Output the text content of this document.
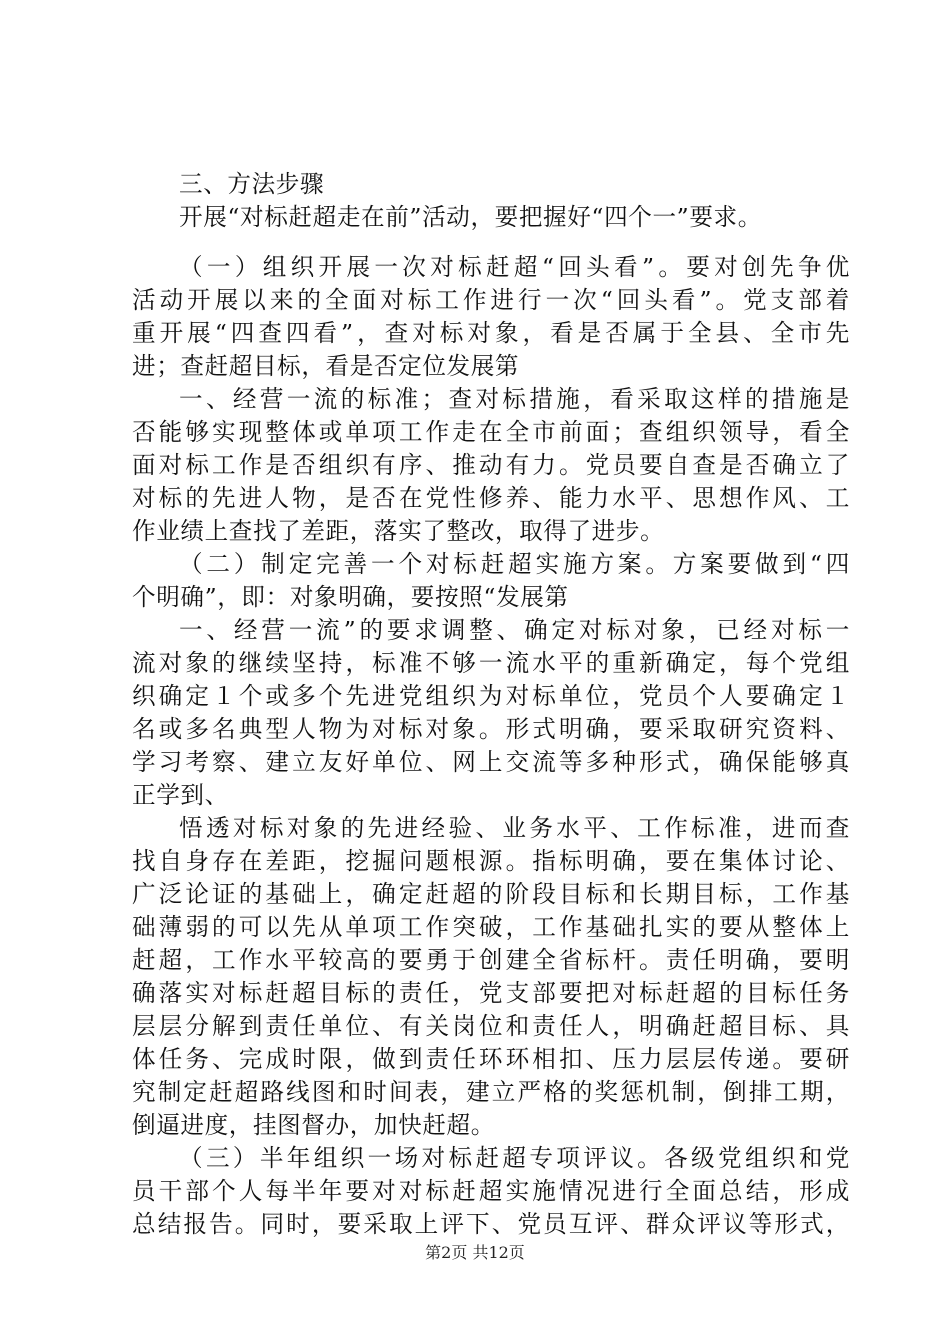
三、方法步骤
开展“对标赶超走在前”活动，要把握好“四个一”要求。
（一）组织开展一次对标赶超“回头看”。要对创先争优
活动开展以来的全面对标工作进行一次“回头看”。党支部着
重开展“四查四看”，查对标对象，看是否属于全县、全市先
进；查赶超目标，看是否定位发展第
一、经营一流的标准；查对标措施，看采取这样的措施是
否能够实现整体或单项工作走在全市前面；查组织领导，看全
面对标工作是否组织有序、推动有力。党员要自查是否确立了
对标的先进人物，是否在党性修养、能力水平、思想作风、工
作业绩上查找了差距，落实了整改，取得了进步。
（二）制定完善一个对标赶超实施方案。方案要做到“四
个明确”，即：对象明确，要按照“发展第
一、经营一流”的要求调整、确定对标对象，已经对标一
流对象的继续坚持，标准不够一流水平的重新确定，每个党组
织确定１个或多个先进党组织为对标单位，党员个人要确定１
名或多名典型人物为对标对象。形式明确，要采取研究资料、
学习考察、建立友好单位、网上交流等多种形式，确保能够真
正学到、
悟透对标对象的先进经验、业务水平、工作标准，进而查
找自身存在差距，挖掘问题根源。指标明确，要在集体讨论、
广泛论证的基础上，确定赶超的阶段目标和长期目标，工作基
础薄弱的可以先从单项工作突破，工作基础扎实的要从整体上
赶超，工作水平较高的要勇于创建全省标杆。责任明确，要明
确落实对标赶超目标的责任，党支部要把对标赶超的目标任务
层层分解到责任单位、有关岗位和责任人，明确赶超目标、具
体任务、完成时限，做到责任环环相扣、压力层层传递。要研
究制定赶超路线图和时间表，建立严格的奖惩机制，倒排工期，
倒逼进度，挂图督办，加快赶超。
（三）半年组织一场对标赶超专项评议。各级党组织和党
员干部个人每半年要对对标赶超实施情况进行全面总结，形成
总结报告。同时，要采取上评下、党员互评、群众评议等形式，
第2页 共12页
